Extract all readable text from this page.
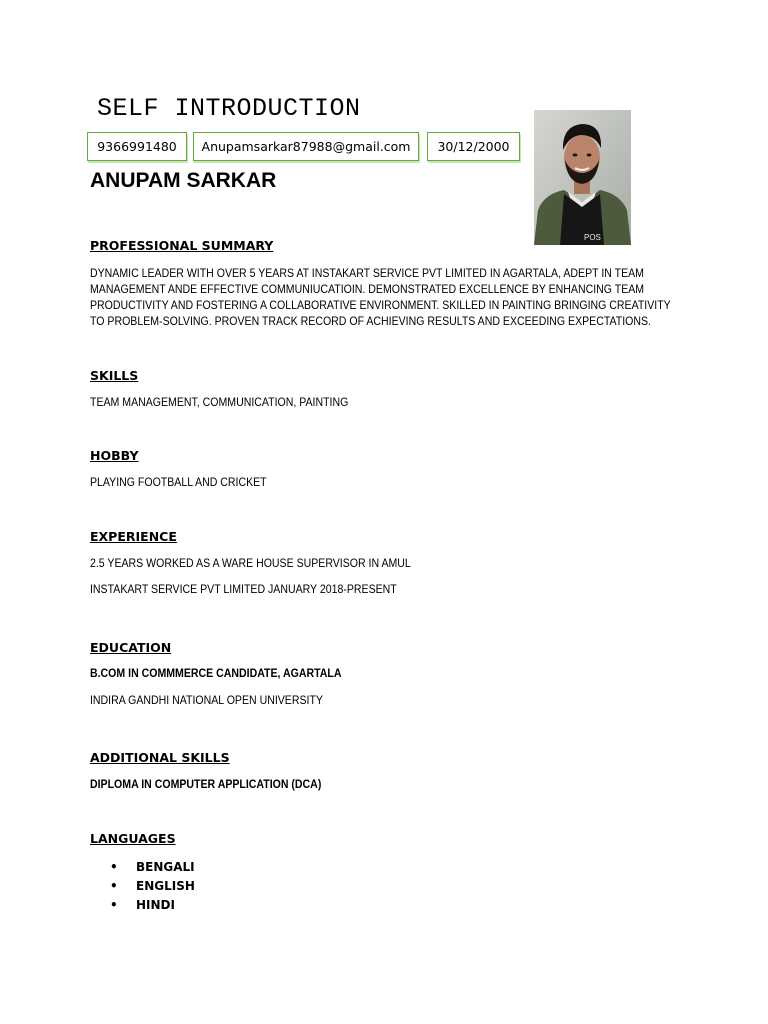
SELF INTRODUCTION
9366991480	Anupamsarkar87988@gmail.com	30/12/2000
ANUPAM SARKAR
POS
PROFESSIONAL SUMMARY
DYNAMIC LEADER WITH OVER 5 YEARS AT INSTAKART SERVICE PVT LIMITED IN AGARTALA, ADEPT IN TEAM
MANAGEMENT ANDE EFFECTIVE COMMUNIUCATIOIN. DEMONSTRATED EXCELLENCE BY ENHANCING TEAM
PRODUCTIVITY AND FOSTERING A COLLABORATIVE ENVIRONMENT. SKILLED IN PAINTING BRINGING CREATIVITY
TO PROBLEM-SOLVING. PROVEN TRACK RECORD OF ACHIEVING RESULTS AND EXCEEDING EXPECTATIONS.
SKILLS
TEAM MANAGEMENT, COMMUNICATION, PAINTING
HOBBY
PLAYING FOOTBALL AND CRICKET
EXPERIENCE
2.5 YEARS WORKED AS A WARE HOUSE SUPERVISOR IN AMUL
INSTAKART SERVICE PVT LIMITED JANUARY 2018-PRESENT
EDUCATION
B.COM IN COMMMERCE CANDIDATE, AGARTALA
INDIRA GANDHI NATIONAL OPEN UNIVERSITY
ADDITIONAL SKILLS
DIPLOMA IN COMPUTER APPLICATION (DCA)
LANGUAGES
• BENGALI
• ENGLISH
• HINDI
